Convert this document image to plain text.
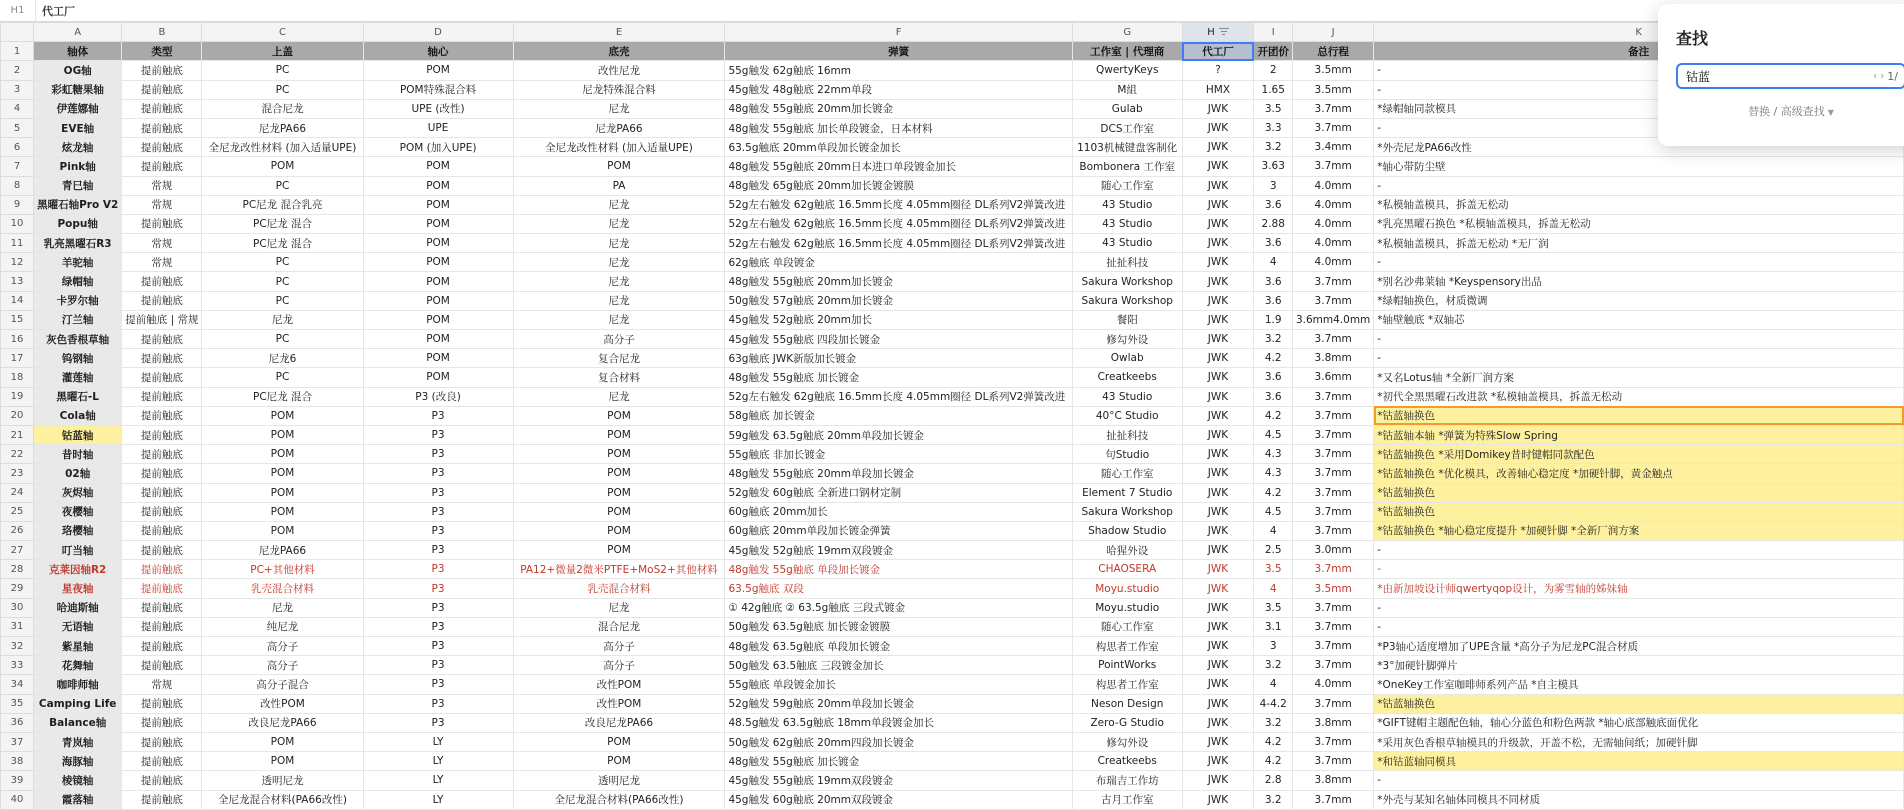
H1	代工厂
	A	B	C	D	E	F	G	H	I	J	K
1	轴体	类型	上盖	轴心	底壳	弹簧	工作室 | 代理商	代工厂	开团价	总行程	备注
2	OG轴	提前触底	PC	POM	改性尼龙	55g触发 62g触底 16mm	QwertyKeys	?	2	3.5mm	-
3	彩虹糖果轴	提前触底	PC	POM特殊混合料	尼龙特殊混合料	45g触发 48g触底 22mm单段	M組	HMX	1.65	3.5mm	-
4	伊莲娜轴	提前触底	混合尼龙	UPE (改性)	尼龙	48g触发 55g触底 20mm加长镀金	Gulab	JWK	3.5	3.7mm	*绿帽轴同款模具
5	EVE轴	提前触底	尼龙PA66	UPE	尼龙PA66	48g触发 55g触底 加长单段镀金，日本材料	DCS工作室	JWK	3.3	3.7mm	-
6	炫龙轴	提前触底	全尼龙改性材料 (加入适量UPE)	POM (加入UPE)	全尼龙改性材料 (加入适量UPE)	63.5g触底 20mm单段加长镀金加长	1103机械键盘客制化	JWK	3.2	3.4mm	*外壳尼龙PA66改性
7	Pink轴	提前触底	POM	POM	POM	48g触发 55g触底 20mm日本进口单段镀金加长	Bombonera 工作室	JWK	3.63	3.7mm	*轴心带防尘壁
8	青巳轴	常规	PC	POM	PA	48g触发 65g触底 20mm加长镀金镀膜	随心工作室	JWK	3	4.0mm	-
9	黑曜石轴Pro V2	常规	PC尼龙 混合乳亮	POM	尼龙	52g左右触发 62g触底 16.5mm长度 4.05mm圈径 DL系列V2弹簧改进	43 Studio	JWK	3.6	4.0mm	*私模轴盖模具，拆盖无松动
10	Popu轴	提前触底	PC尼龙 混合	POM	尼龙	52g左右触发 62g触底 16.5mm长度 4.05mm圈径 DL系列V2弹簧改进	43 Studio	JWK	2.88	4.0mm	*乳亮黑曜石换色 *私模轴盖模具，拆盖无松动
11	乳亮黑曜石R3	常规	PC尼龙 混合	POM	尼龙	52g左右触发 62g触底 16.5mm长度 4.05mm圈径 DL系列V2弹簧改进	43 Studio	JWK	3.6	4.0mm	*私模轴盖模具，拆盖无松动 *无厂润
12	羊驼轴	常规	PC	POM	尼龙	62g触底 单段镀金	扯扯科技	JWK	4	4.0mm	-
13	绿帽轴	提前触底	PC	POM	尼龙	48g触发 55g触底 20mm加长镀金	Sakura Workshop	JWK	3.6	3.7mm	*别名沙弗莱轴 *Keyspensory出品
14	卡罗尔轴	提前触底	PC	POM	尼龙	50g触发 57g触底 20mm加长镀金	Sakura Workshop	JWK	3.6	3.7mm	*绿帽轴换色，材质微调
15	汀兰轴	提前触底 | 常规	尼龙	POM	尼龙	45g触发 52g触底 20mm加长	餐阳	JWK	1.9	3.6mm4.0mm	*轴壁触底 *双轴芯
16	灰色香根草轴	提前触底	PC	POM	高分子	45g触发 55g触底 四段加长镀金	修勾外设	JWK	3.2	3.7mm	-
17	钨钢轴	提前触底	尼龙6	POM	复合尼龙	63g触底 JWK新版加长镀金	Owlab	JWK	4.2	3.8mm	-
18	灌莲轴	提前触底	PC	POM	复合材料	48g触发 55g触底 加长镀金	Creatkeebs	JWK	3.6	3.6mm	*又名Lotus轴 *全新厂润方案
19	黑曜石-L	提前触底	PC尼龙 混合	P3 (改良)	尼龙	52g左右触发 62g触底 16.5mm长度 4.05mm圈径 DL系列V2弹簧改进	43 Studio	JWK	3.6	3.7mm	*初代全黑黑曜石改进款 *私模轴盖模具，拆盖无松动
20	Cola轴	提前触底	POM	P3	POM	58g触底 加长镀金	40°C Studio	JWK	4.2	3.7mm	*钴蓝轴换色
21	钴蓝轴	提前触底	POM	P3	POM	59g触发 63.5g触底 20mm单段加长镀金	扯扯科技	JWK	4.5	3.7mm	*钴蓝轴本轴 *弹簧为特殊Slow Spring
22	昔时轴	提前触底	POM	P3	POM	55g触底 非加长镀金	句Studio	JWK	4.3	3.7mm	*钴蓝轴换色 *采用Domikey昔时键帽同款配色
23	02轴	提前触底	POM	P3	POM	48g触发 55g触底 20mm单段加长镀金	随心工作室	JWK	4.3	3.7mm	*钴蓝轴换色 *优化模具，改善轴心稳定度 *加硬针脚，黄金触点
24	灰烬轴	提前触底	POM	P3	POM	52g触发 60g触底 全新进口钢材定制	Element 7 Studio	JWK	4.2	3.7mm	*钴蓝轴换色
25	夜樱轴	提前触底	POM	P3	POM	60g触底 20mm加长	Sakura Workshop	JWK	4.5	3.7mm	*钴蓝轴换色
26	珞樱轴	提前触底	POM	P3	POM	60g触底 20mm单段加长镀金弹簧	Shadow Studio	JWK	4	3.7mm	*钴蓝轴换色 *轴心稳定度提升 *加硬针脚 *全新厂润方案
27	叮当轴	提前触底	尼龙PA66	P3	POM	45g触发 52g触底 19mm双段镀金	哈猩外设	JWK	2.5	3.0mm	-
28	克莱因轴R2	提前触底	PC+其他材料	P3	PA12+微量2微米PTFE+MoS2+其他材料	48g触发 55g触底 单段加长镀金	CHAOSERA	JWK	3.5	3.7mm	-
29	星夜轴	提前触底	乳壳混合材料	P3	乳壳混合材料	63.5g触底 双段	Moyu.studio	JWK	4	3.5mm	*由新加坡设计师qwertyqop设计，为雾雪轴的姊妹轴
30	哈迪斯轴	提前触底	尼龙	P3	尼龙	① 42g触底 ② 63.5g触底 三段式镀金	Moyu.studio	JWK	3.5	3.7mm	-
31	无语轴	提前触底	纯尼龙	P3	混合尼龙	50g触发 63.5g触底 加长镀金镀膜	随心工作室	JWK	3.1	3.7mm	-
32	紫星轴	提前触底	高分子	P3	高分子	48g触发 63.5g触底 单段加长镀金	构思者工作室	JWK	3	3.7mm	*P3轴心适度增加了UPE含量 *高分子为尼龙PC混合材质
33	花舞轴	提前触底	高分子	P3	高分子	50g触发 63.5触底 三段镀金加长	PointWorks	JWK	3.2	3.7mm	*3°加硬针脚弹片
34	咖啡师轴	常规	高分子混合	P3	改性POM	55g触底 单段镀金加长	构思者工作室	JWK	4	4.0mm	*OneKey工作室咖啡师系列产品 *自主模具
35	Camping Life	提前触底	改性POM	P3	改性POM	52g触发 59g触底 20mm单段加长镀金	Neson Design	JWK	4-4.2	3.7mm	*钴蓝轴换色
36	Balance轴	提前触底	改良尼龙PA66	P3	改良尼龙PA66	48.5g触发 63.5g触底 18mm单段镀金加长	Zero-G Studio	JWK	3.2	3.8mm	*GIFT键帽主题配色轴，轴心分蓝色和粉色两款 *轴心底部触底面优化
37	青岚轴	提前触底	POM	LY	POM	50g触发 62g触底 20mm四段加长镀金	修勾外设	JWK	4.2	3.7mm	*采用灰色香根草轴模具的升级款，开盖不松，无需轴间纸；加硬针脚
38	海豚轴	提前触底	POM	LY	POM	48g触发 55g触底 加长镀金	Creatkeebs	JWK	4.2	3.7mm	*和钴蓝轴同模具
39	棱镜轴	提前触底	透明尼龙	LY	透明尼龙	45g触发 55g触底 19mm双段镀金	布瑞吉工作坊	JWK	2.8	3.8mm	-
40	霞落轴	提前触底	全尼龙混合材料(PA66改性)	LY	全尼龙混合材料(PA66改性)	45g触发 60g触底 20mm双段镀金	古月工作室	JWK	3.2	3.7mm	*外壳与某知名轴体同模具不同材质
查找
钴蓝
‹ › 1/
替换 / 高级查找 ▼
